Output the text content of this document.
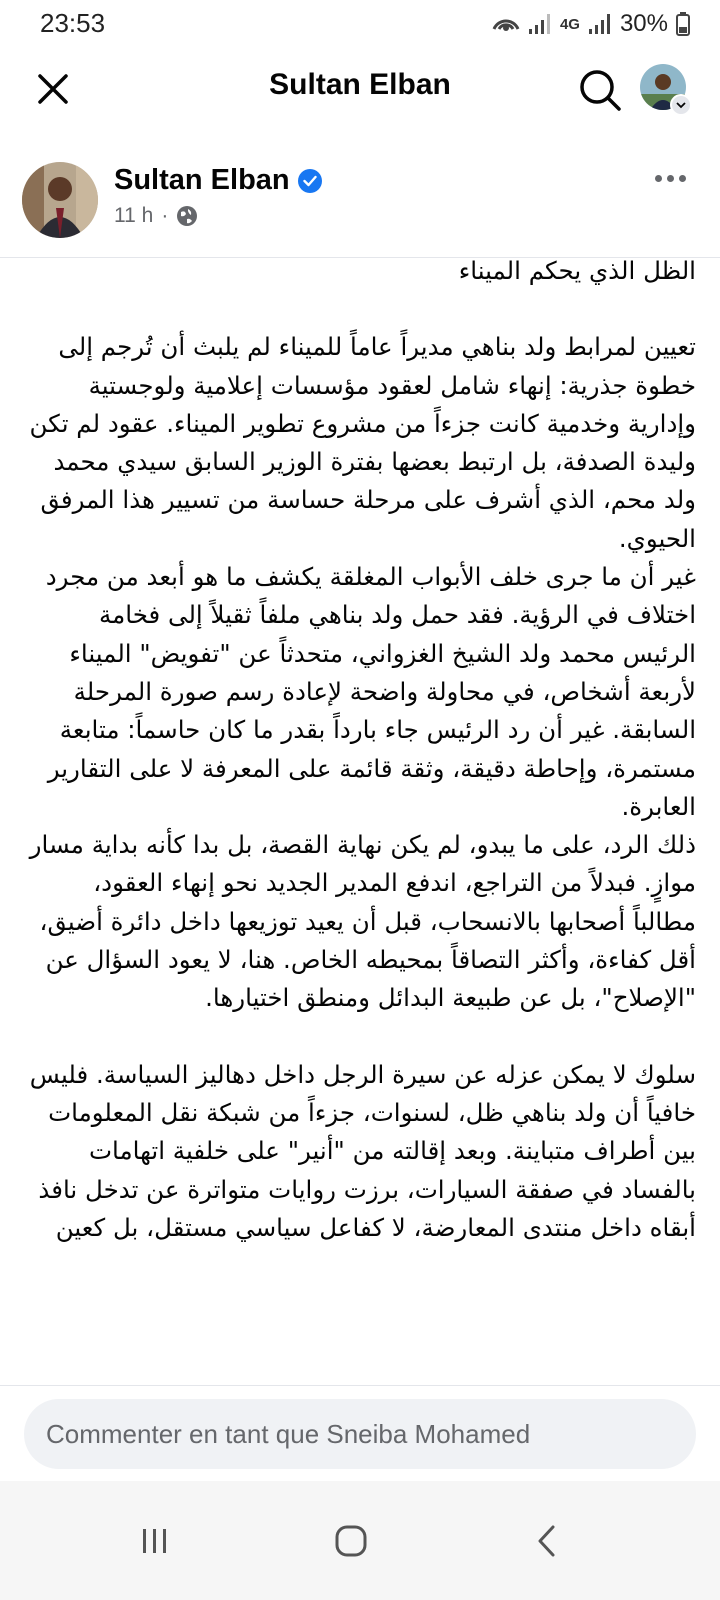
23:53	4G 30%
Sultan Elban
Sultan Elban
11 h ·

الظل الذي يحكم الميناء

تعيين لمرابط ولد بناهي مديراً عاماً للميناء لم يلبث أن تُرجم إلى خطوة جذرية: إنهاء شامل لعقود مؤسسات إعلامية ولوجستية وإدارية وخدمية كانت جزءاً من مشروع تطوير الميناء. عقود لم تكن وليدة الصدفة، بل ارتبط بعضها بفترة الوزير السابق سيدي محمد ولد محم، الذي أشرف على مرحلة حساسة من تسيير هذا المرفق الحيوي.
غير أن ما جرى خلف الأبواب المغلقة يكشف ما هو أبعد من مجرد اختلاف في الرؤية. فقد حمل ولد بناهي ملفاً ثقيلاً إلى فخامة الرئيس محمد ولد الشيخ الغزواني، متحدثاً عن "تفويض" الميناء لأربعة أشخاص، في محاولة واضحة لإعادة رسم صورة المرحلة السابقة. غير أن رد الرئيس جاء بارداً بقدر ما كان حاسماً: متابعة مستمرة، وإحاطة دقيقة، وثقة قائمة على المعرفة لا على التقارير العابرة.
ذلك الرد، على ما يبدو، لم يكن نهاية القصة، بل بدا كأنه بداية مسار موازٍ. فبدلاً من التراجع، اندفع المدير الجديد نحو إنهاء العقود، مطالباً أصحابها بالانسحاب، قبل أن يعيد توزيعها داخل دائرة أضيق، أقل كفاءة، وأكثر التصاقاً بمحيطه الخاص. هنا، لا يعود السؤال عن "الإصلاح"، بل عن طبيعة البدائل ومنطق اختيارها.

سلوك لا يمكن عزله عن سيرة الرجل داخل دهاليز السياسة. فليس خافياً أن ولد بناهي ظل، لسنوات، جزءاً من شبكة نقل المعلومات بين أطراف متباينة. وبعد إقالته من "أنير" على خلفية اتهامات بالفساد في صفقة السيارات، برزت روايات متواترة عن تدخل نافذ أبقاه داخل منتدى المعارضة، لا كفاعل سياسي مستقل، بل كعين

Commenter en tant que Sneiba Mohamed
